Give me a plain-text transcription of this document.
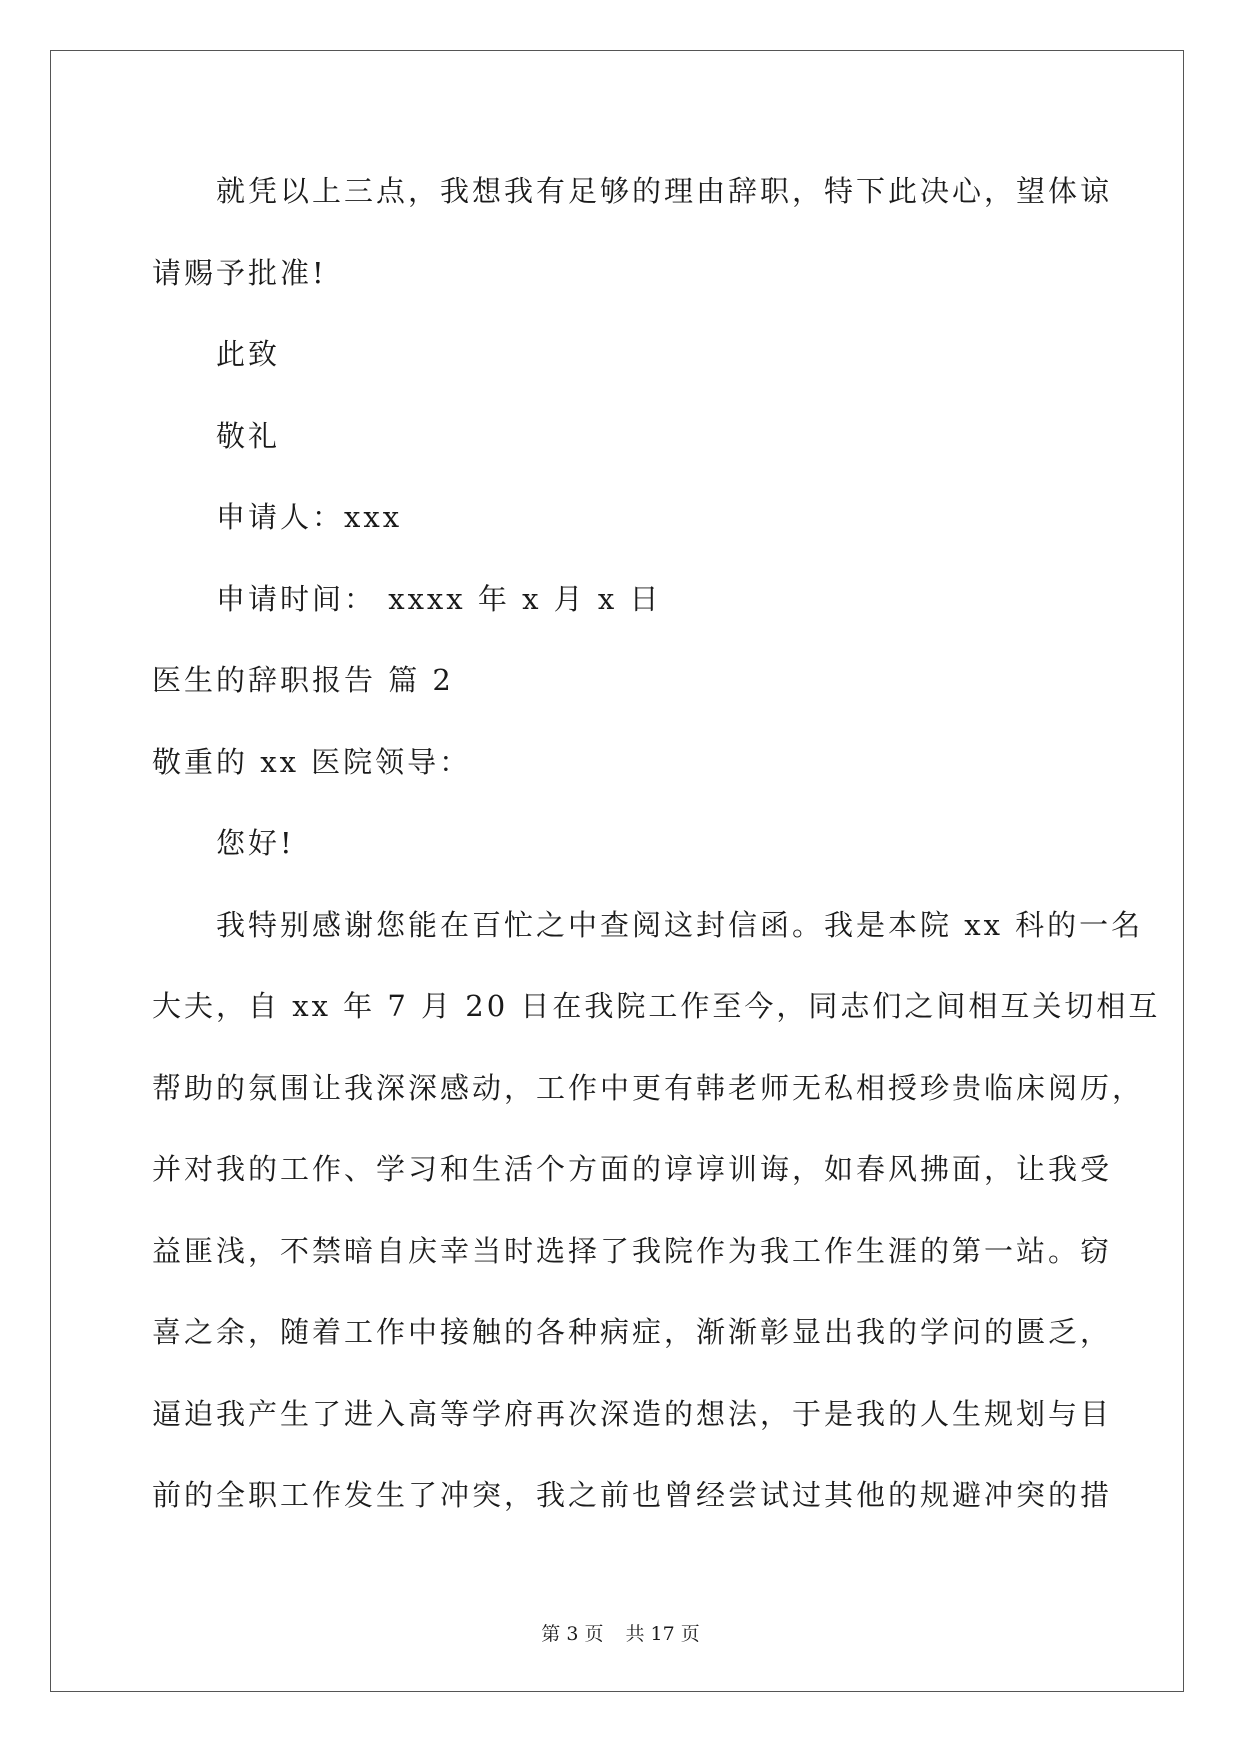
就凭以上三点，我想我有足够的理由辞职，特下此决心，望体谅
请赐予批准!
此致
敬礼
申请人：xxx
申请时间： xxxx 年 x 月 x 日
医生的辞职报告 篇 2
敬重的 xx 医院领导：
您好!
我特别感谢您能在百忙之中查阅这封信函。我是本院 xx 科的一名
大夫，自 xx 年 7 月 20 日在我院工作至今，同志们之间相互关切相互
帮助的氛围让我深深感动，工作中更有韩老师无私相授珍贵临床阅历，
并对我的工作、学习和生活个方面的谆谆训诲，如春风拂面，让我受
益匪浅，不禁暗自庆幸当时选择了我院作为我工作生涯的第一站。窃
喜之余，随着工作中接触的各种病症，渐渐彰显出我的学问的匮乏，
逼迫我产生了进入高等学府再次深造的想法，于是我的人生规划与目
前的全职工作发生了冲突，我之前也曾经尝试过其他的规避冲突的措
第 3 页 共 17 页
